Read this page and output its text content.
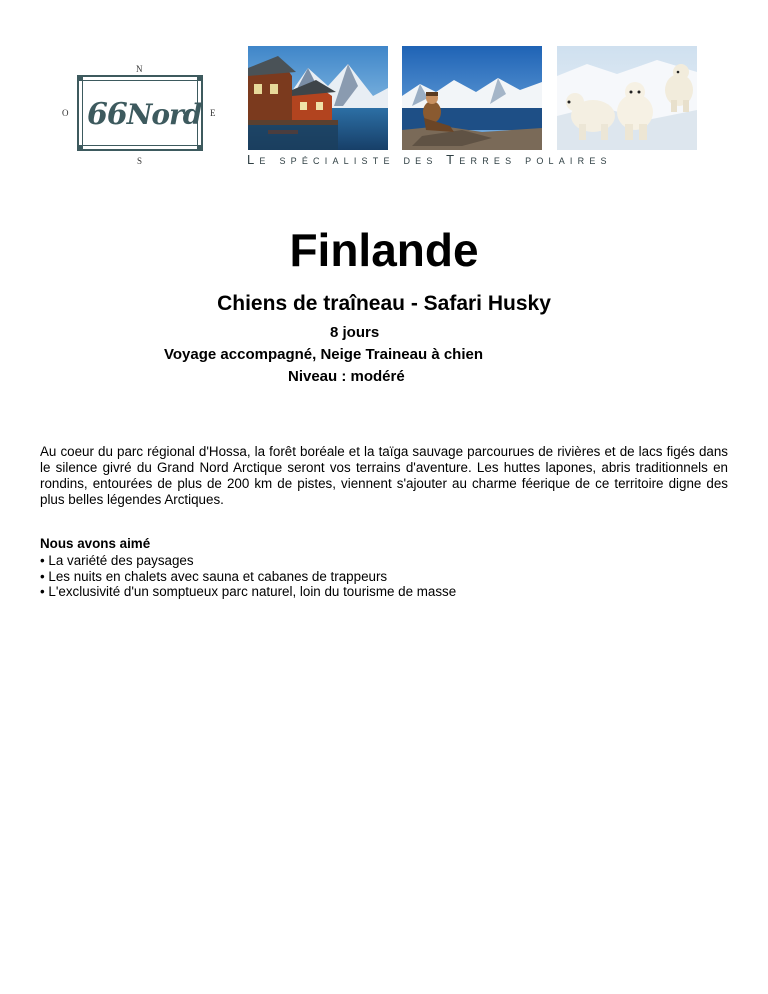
N
O	E
S
66Nord
Le spécialiste des Terres polaires
Finlande
Chiens de traîneau - Safari Husky
8 jours
Voyage accompagné, Neige Traineau à chien
Niveau : modéré
Au coeur du parc régional d'Hossa, la forêt boréale et la taïga sauvage parcourues de rivières et de lacs figés dans le silence givré du Grand Nord Arctique seront vos terrains d'aventure. Les huttes lapones, abris traditionnels en rondins, entourées de plus de 200 km de pistes, viennent s'ajouter au charme féerique de ce territoire digne des plus belles légendes Arctiques.
Nous avons aimé
• La variété des paysages
• Les nuits en chalets avec sauna et cabanes de trappeurs
• L'exclusivité d'un somptueux parc naturel, loin du tourisme de masse
